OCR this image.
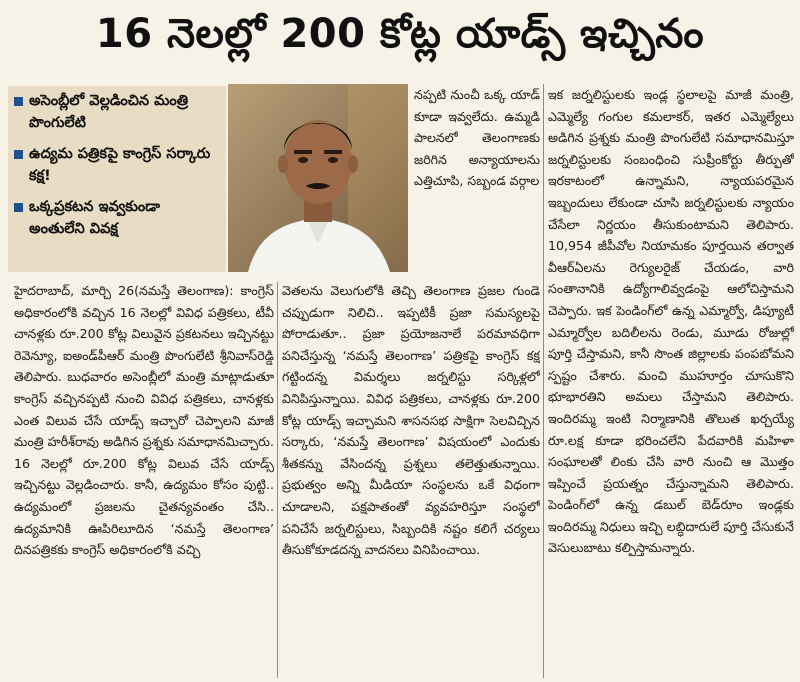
16 నెలల్లో 200 కోట్ల యాడ్స్ ఇచ్చినం
అసెంబ్లీలో వెల్లడించిన మంత్రి పొంగులేటి
ఉద్యమ పత్రికపై కాంగ్రెస్ సర్కారు కక్ష!
ఒక్కప్రకటన ఇవ్వకుండా అంతులేని వివక్ష
నప్పటి నుంచీ ఒక్క యాడ్ కూడా ఇవ్వలేదు. ఉమ్మడి పాలనలో తెలంగాణకు జరిగిన అన్యాయాలను ఎత్తిచూపి, సబ్బండ వర్గాల
హైదరాబాద్, మార్చి 26(నమస్తే తెలంగాణ): కాంగ్రెస్ అధికారంలోకి వచ్చిన 16 నెలల్లో వివిధ పత్రికలు, టీవీ చానళ్లకు రూ.200 కోట్ల విలువైన ప్రకటనలు ఇచ్చినట్టు రెవెన్యూ, ఐఅండ్‌పీఆర్ మంత్రి పొంగులేటి శ్రీనివాస్‌రెడ్డి తెలిపారు. బుధవారం అసెంబ్లీలో మంత్రి మాట్లాడుతూ కాంగ్రెస్ వచ్చినప్పటి నుంచి వివిధ పత్రికలు, చానళ్లకు ఎంత విలువ చేసే యాడ్స్ ఇచ్చారో చెప్పాలని మాజీ మంత్రి హరీశ్‌రావు అడిగిన ప్రశ్నకు సమాధానమిచ్చారు. 16 నెలల్లో రూ.200 కోట్ల విలువ చేసే యాడ్స్ ఇచ్చినట్టు వెల్లడించారు. కానీ, ఉద్యమం కోసం పుట్టి.. ఉద్యమంలో ప్రజలను చైతన్యవంతం చేసి.. ఉద్యమానికి ఊపిరిలూదిన ‘నమస్తే తెలంగాణ’ దినపత్రికకు కాంగ్రెస్ అధికారంలోకి వచ్చి
వెతలను వెలుగులోకి తెచ్చి తెలంగాణ ప్రజల గుండె చప్పుడుగా నిలిచి.. ఇప్పటికీ ప్రజా సమస్యలపై పోరాడుతూ.. ప్రజా ప్రయోజనాలే పరమావధిగా పనిచేస్తున్న ‘నమస్తే తెలంగాణ’ పత్రికపై కాంగ్రెస్ కక్ష గట్టిందన్న విమర్శలు జర్నలిస్టు సర్కిళ్లలో వినిపిస్తున్నాయి. వివిధ పత్రికలు, చానళ్లకు రూ.200 కోట్ల యాడ్స్ ఇచ్చామని శాసనసభ సాక్షిగా సెలవిచ్చిన సర్కారు, ‘నమస్తే తెలంగాణ’ విషయంలో ఎందుకు శీతకన్ను వేసిందన్న ప్రశ్నలు తలెత్తుతున్నాయి. ప్రభుత్వం అన్ని మీడియా సంస్థలను ఒకే విధంగా చూడాలని, పక్షపాతంతో వ్యవహరిస్తూ సంస్థలో పనిచేసే జర్నలిస్టులు, సిబ్బందికి నష్టం కలిగే చర్యలు తీసుకోకూడదన్న వాదనలు వినిపించాయి.
ఇక జర్నలిస్టులకు ఇండ్ల స్థలాలపై మాజీ మంత్రి, ఎమ్మెల్యే గంగుల కమలాకర్, ఇతర ఎమ్మెల్యేలు అడిగిన ప్రశ్నకు మంత్రి పొంగులేటి సమాధానమిస్తూ జర్నలిస్టులకు సంబంధించి సుప్రీంకోర్టు తీర్పుతో ఇరకాటంలో ఉన్నామని, న్యాయపరమైన ఇబ్బందులు లేకుండా చూసి జర్నలిస్టులకు న్యాయం చేసేలా నిర్ణయం తీసుకుంటామని తెలిపారు. 10,954 జీపీవోల నియామకం పూర్తయిన తర్వాత వీఆర్‌ఏలను రెగ్యులరైజ్ చేయడం, వారి సంతానానికి ఉద్యోగాలివ్వడంపై ఆలోచిస్తామని చెప్పారు. ఇక పెండింగ్‌లో ఉన్న ఎమ్మార్వో, డిప్యూటీ ఎమ్మార్వోల బదిలీలను రెండు, మూడు రోజుల్లో పూర్తి చేస్తామని, కానీ సొంత జిల్లాలకు పంపబోమని స్పష్టం చేశారు. మంచి ముహూర్తం చూసుకొని భూభారతిని అమలు చేస్తామని తెలిపారు. ఇందిరమ్మ ఇంటి నిర్మాణానికి తొలుత ఖర్చయ్యే రూ.లక్ష కూడా భరించలేని పేదవారికి మహిళా సంఘాలతో లింకు చేసి వారి నుంచి ఆ మొత్తం ఇప్పించే ప్రయత్నం చేస్తున్నామని తెలిపారు. పెండింగ్‌లో ఉన్న డబుల్ బెడ్‌రూం ఇండ్లకు ఇందిరమ్మ నిధులు ఇచ్చి లబ్ధిదారులే పూర్తి చేసుకునే వెసులుబాటు కల్పిస్తామన్నారు.
